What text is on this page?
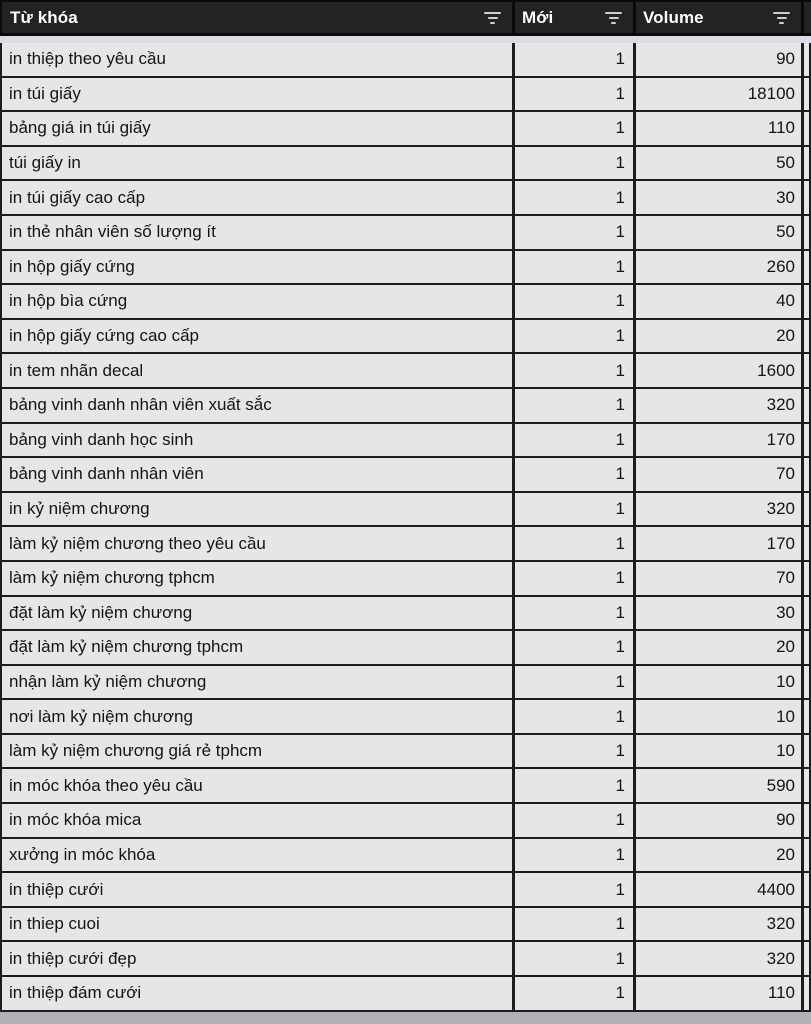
Từ khóa	Mới	Volume
in thiệp theo yêu cầu	1	90
in túi giấy	1	18100
bảng giá in túi giấy	1	110
túi giấy in	1	50
in túi giấy cao cấp	1	30
in thẻ nhân viên số lượng ít	1	50
in hộp giấy cứng	1	260
in hộp bìa cứng	1	40
in hộp giấy cứng cao cấp	1	20
in tem nhãn decal	1	1600
bảng vinh danh nhân viên xuất sắc	1	320
bảng vinh danh học sinh	1	170
bảng vinh danh nhân viên	1	70
in kỷ niệm chương	1	320
làm kỷ niệm chương theo yêu cầu	1	170
làm kỷ niệm chương tphcm	1	70
đặt làm kỷ niệm chương	1	30
đặt làm kỷ niệm chương tphcm	1	20
nhận làm kỷ niệm chương	1	10
nơi làm kỷ niệm chương	1	10
làm kỷ niệm chương giá rẻ tphcm	1	10
in móc khóa theo yêu cầu	1	590
in móc khóa mica	1	90
xưởng in móc khóa	1	20
in thiệp cưới	1	4400
in thiep cuoi	1	320
in thiệp cưới đẹp	1	320
in thiệp đám cưới	1	110
